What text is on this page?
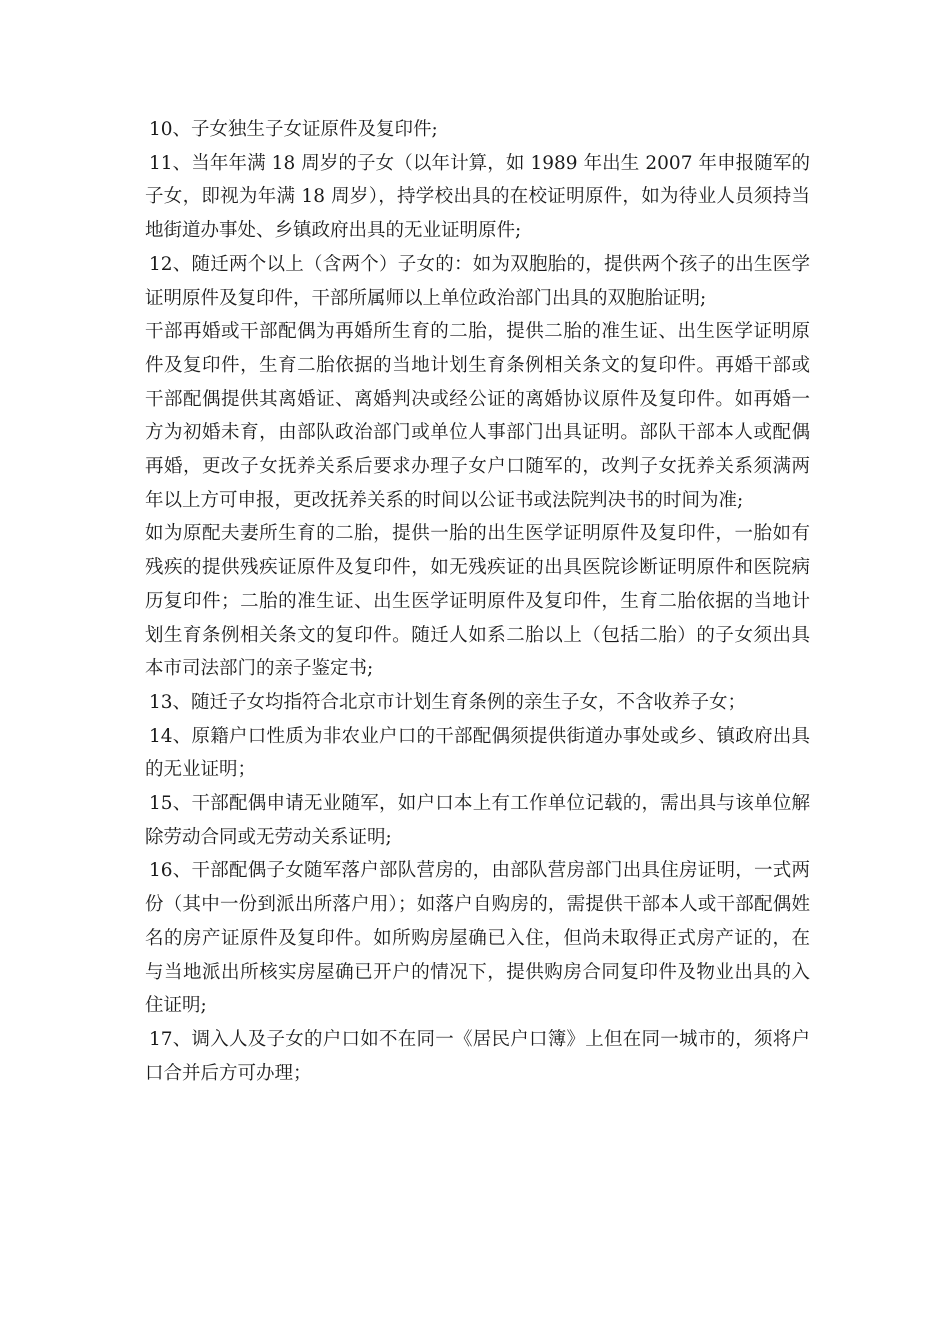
10、子女独生子女证原件及复印件;

11、当年年满 18 周岁的子女（以年计算，如 1989 年出生 2007 年申报随军的子女，即视为年满 18 周岁），持学校出具的在校证明原件，如为待业人员须持当地街道办事处、乡镇政府出具的无业证明原件;

12、随迁两个以上（含两个）子女的：如为双胞胎的，提供两个孩子的出生医学证明原件及复印件，干部所属师以上单位政治部门出具的双胞胎证明;

干部再婚或干部配偶为再婚所生育的二胎，提供二胎的准生证、出生医学证明原件及复印件，生育二胎依据的当地计划生育条例相关条文的复印件。再婚干部或干部配偶提供其离婚证、离婚判决或经公证的离婚协议原件及复印件。如再婚一方为初婚未育，由部队政治部门或单位人事部门出具证明。部队干部本人或配偶再婚，更改子女抚养关系后要求办理子女户口随军的，改判子女抚养关系须满两年以上方可申报，更改抚养关系的时间以公证书或法院判决书的时间为准;

如为原配夫妻所生育的二胎，提供一胎的出生医学证明原件及复印件，一胎如有残疾的提供残疾证原件及复印件，如无残疾证的出具医院诊断证明原件和医院病历复印件；二胎的准生证、出生医学证明原件及复印件，生育二胎依据的当地计划生育条例相关条文的复印件。随迁人如系二胎以上（包括二胎）的子女须出具本市司法部门的亲子鉴定书;

13、随迁子女均指符合北京市计划生育条例的亲生子女，不含收养子女；

14、原籍户口性质为非农业户口的干部配偶须提供街道办事处或乡、镇政府出具的无业证明；

15、干部配偶申请无业随军，如户口本上有工作单位记载的，需出具与该单位解除劳动合同或无劳动关系证明;

16、干部配偶子女随军落户部队营房的，由部队营房部门出具住房证明，一式两份（其中一份到派出所落户用）；如落户自购房的，需提供干部本人或干部配偶姓名的房产证原件及复印件。如所购房屋确已入住，但尚未取得正式房产证的，在与当地派出所核实房屋确已开户的情况下，提供购房合同复印件及物业出具的入住证明;

17、调入人及子女的户口如不在同一《居民户口簿》上但在同一城市的，须将户口合并后方可办理；
